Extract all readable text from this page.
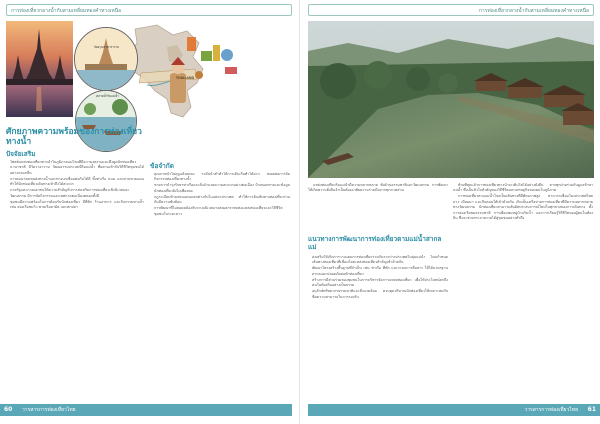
การท่องเที่ยวกลางน้ำกับสามเหลี่ยมทองคำทางเหนือ
THAILAND
วัดอรุณราชวราราม
ตลาดน้ำริมแม่น้ำ
ศักยภาพความพร้อมของการท่องเที่ยวทางน้ำ
ปัจจัยเสริม
• โพสต์แหล่งท่องเที่ยวทางน้ำในภูมิภาคแม่โขงที่มีความงดงามและดึงดูดนักท่องเที่ยวนานาชาติ มีวัดวาอาราม วัฒนธรรมประเพณีริมแม่น้ำ ที่ผสานเข้ากับวิถีชีวิตชุมชนได้อย่างกลมกลืน
• การคมนาคมขนส่งทางน้ำและทางบกเชื่อมต่อกันได้ดี ทั้งท่าเรือ ถนน และด่านชายแดน ทำให้นักท่องเที่ยวเดินทางเข้าถึงได้สะดวก
• ภาครัฐและภาคเอกชนให้ความสำคัญกับการส่งเสริมการท่องเที่ยวเชิงนิเวศและวัฒนธรรม มีการจัดกิจกรรมและเทศกาลต่อเนื่องตลอดทั้งปี
• ชุมชนมีความพร้อมในการต้อนรับนักท่องเที่ยว มีที่พัก ร้านอาหาร และกิจกรรมทางน้ำ เช่น ล่องเรือชมวิว พายเรือคายัค และตกปลา
ข้อจำกัด
• คุณภาพน้ำในฤดูแล้งลดลง ระดับน้ำต่ำทำให้การเดินเรือทำได้ยาก ส่งผลต่อการจัดกิจกรรมท่องเที่ยวทางน้ำ
• ขาดการบำรุงรักษาท่าเรือและสิ่งอำนวยความสะดวกอย่างต่อเนื่อง ป้ายบอกทางและข้อมูลนักท่องเที่ยวยังไม่เพียงพอ
• กฎระเบียบข้ามพรมแดนแตกต่างกันในแต่ละประเทศ ทำให้การจัดเส้นทางท่องเที่ยวร่วมกันมีความซับซ้อน
• การพัฒนาที่ไม่สอดคล้องกับระบบนิเวศอาจส่งผลกระทบต่อแหล่งท่องเที่ยวและวิถีชีวิตชุมชนในระยะยาว
60 วารสารการท่องเที่ยวไทย
การท่องเที่ยวกลางน้ำกับสามเหลี่ยมทองคำทางเหนือ

แหล่งท่องเที่ยวริมแม่น้ำมีความหลากหลาย ทั้งด้านธรรมชาติและวัฒนธรรม การพัฒนาให้เกิดความยั่งยืนจำเป็นต้องอาศัยความร่วมมือจากทุกภาคส่วน

แนวทางการพัฒนาการท่องเที่ยวตามแม่น้ำสากลแม่
• ส่งเสริมให้เกิดการวางแผนการท่องเที่ยวร่วมกันระหว่างประเทศในลุ่มแม่น้ำ โดยกำหนดเส้นทางท่องเที่ยวที่เชื่อมโยงแหล่งท่องเที่ยวสำคัญเข้าด้วยกัน
• พัฒนาโครงสร้างพื้นฐานที่จำเป็น เช่น ท่าเรือ ที่พัก และระบบการสื่อสาร ให้ได้มาตรฐานสากลและปลอดภัยต่อนักท่องเที่ยว
• สร้างการมีส่วนร่วมของชุมชนในการบริหารจัดการแหล่งท่องเที่ยว เพื่อให้ประโยชน์ตกถึงคนในท้องถิ่นอย่างเป็นธรรม
• อนุรักษ์ทรัพยากรธรรมชาติและสิ่งแวดล้อม ควบคุมปริมาณนักท่องเที่ยวให้เหมาะสมกับขีดความสามารถในการรองรับ

ท้ายที่สุดแล้วการท่องเที่ยวทางน้ำจะเติบโตได้อย่างยั่งยืน หากทุกฝ่ายร่วมกันดูแลรักษาแม่น้ำ ซึ่งเป็นหัวใจสำคัญของวิถีชีวิตและเศรษฐกิจของคนในภูมิภาค

การท่องเที่ยวตามแม่น้ำโขงเป็นเส้นทางที่มีศักยภาพสูง สามารถเชื่อมโยงประเทศไทย ลาว เมียนมา และจีนตอนใต้เข้าด้วยกัน เกิดเป็นเครือข่ายการท่องเที่ยวที่มีความหลากหลายทางวัฒนธรรม นักท่องเที่ยวสามารถสัมผัสประสบการณ์ใหม่ในทุกช่วงของการเดินทาง ทั้งการล่องเรือชมธรรมชาติ การเยี่ยมชมหมู่บ้านริมน้ำ และการเรียนรู้วิถีชีวิตของผู้คนในท้องถิ่น ซึ่งจะช่วยกระจายรายได้สู่ชุมชนอย่างทั่วถึง

วารสารการท่องเที่ยวไทย 61
